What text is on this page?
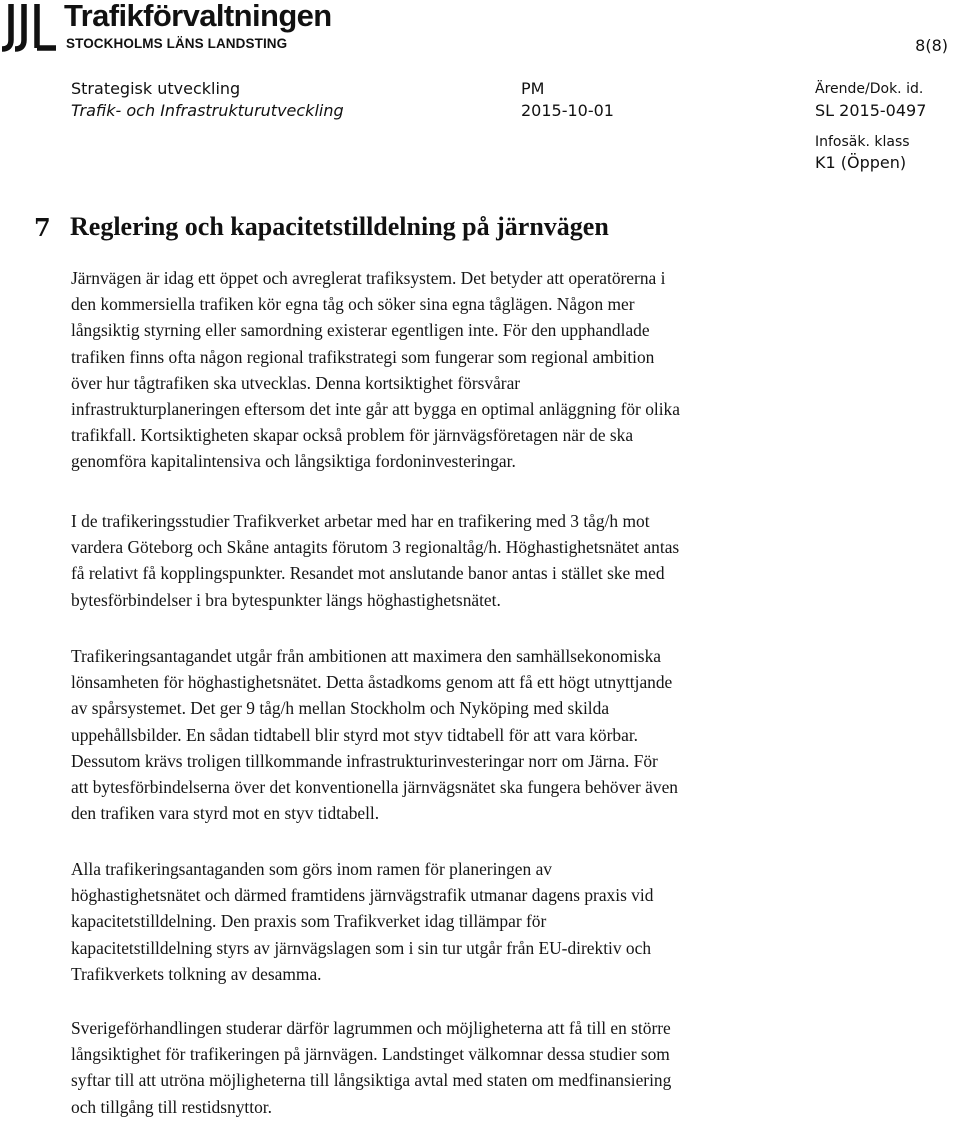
Trafikförvaltningen
STOCKHOLMS LÄNS LANDSTING	8(8)
Strategisk utveckling
Trafik- och Infrastrukturutveckling
PM
2015-10-01
Ärende/Dok. id.
SL 2015-0497
Infosäk. klass
K1 (Öppen)
7 Reglering och kapacitetstilldelning på järnvägen
Järnvägen är idag ett öppet och avreglerat trafiksystem. Det betyder att operatörerna i
den kommersiella trafiken kör egna tåg och söker sina egna tåglägen. Någon mer
långsiktig styrning eller samordning existerar egentligen inte. För den upphandlade
trafiken finns ofta någon regional trafikstrategi som fungerar som regional ambition
över hur tågtrafiken ska utvecklas. Denna kortsiktighet försvårar
infrastrukturplaneringen eftersom det inte går att bygga en optimal anläggning för olika
trafikfall. Kortsiktigheten skapar också problem för järnvägsföretagen när de ska
genomföra kapitalintensiva och långsiktiga fordoninvesteringar.
I de trafikeringsstudier Trafikverket arbetar med har en trafikering med 3 tåg/h mot
vardera Göteborg och Skåne antagits förutom 3 regionaltåg/h. Höghastighetsnätet antas
få relativt få kopplingspunkter. Resandet mot anslutande banor antas i stället ske med
bytesförbindelser i bra bytespunkter längs höghastighetsnätet.
Trafikeringsantagandet utgår från ambitionen att maximera den samhällsekonomiska
lönsamheten för höghastighetsnätet. Detta åstadkoms genom att få ett högt utnyttjande
av spårsystemet. Det ger 9 tåg/h mellan Stockholm och Nyköping med skilda
uppehållsbilder. En sådan tidtabell blir styrd mot styv tidtabell för att vara körbar.
Dessutom krävs troligen tillkommande infrastrukturinvesteringar norr om Järna. För
att bytesförbindelserna över det konventionella järnvägsnätet ska fungera behöver även
den trafiken vara styrd mot en styv tidtabell.
Alla trafikeringsantaganden som görs inom ramen för planeringen av
höghastighetsnätet och därmed framtidens järnvägstrafik utmanar dagens praxis vid
kapacitetstilldelning. Den praxis som Trafikverket idag tillämpar för
kapacitetstilldelning styrs av järnvägslagen som i sin tur utgår från EU-direktiv och
Trafikverkets tolkning av desamma.
Sverigeförhandlingen studerar därför lagrummen och möjligheterna att få till en större
långsiktighet för trafikeringen på järnvägen. Landstinget välkomnar dessa studier som
syftar till att utröna möjligheterna till långsiktiga avtal med staten om medfinansiering
och tillgång till restidsnyttor.
